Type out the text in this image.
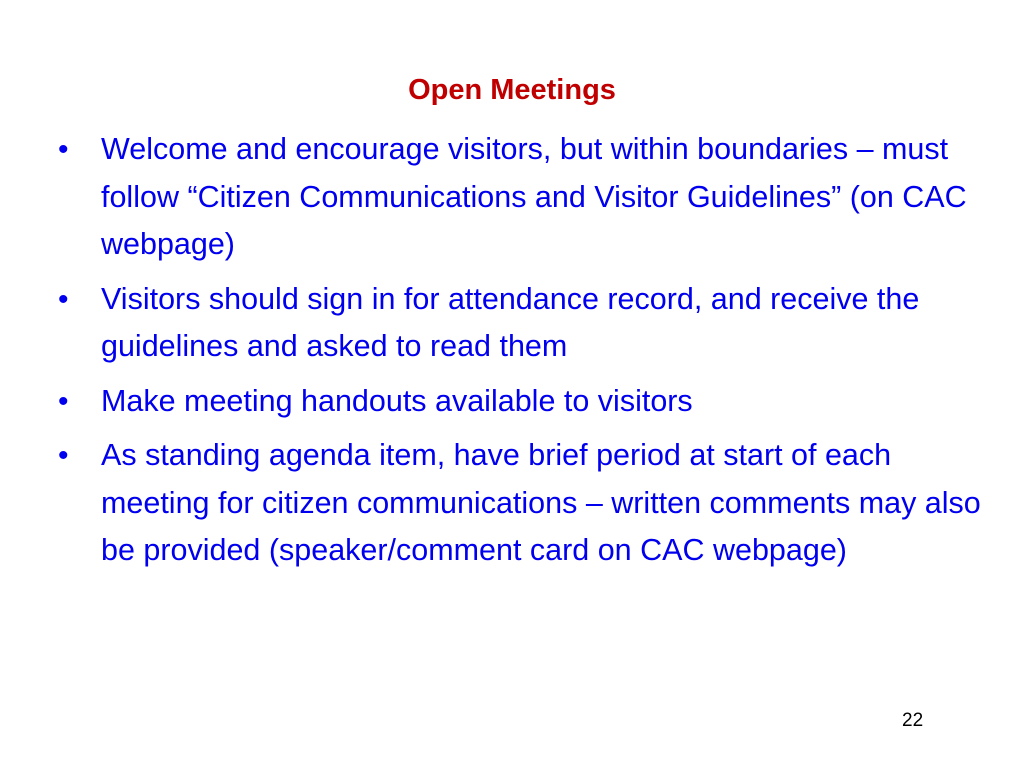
Open Meetings
• Welcome and encourage visitors, but within boundaries – must follow “Citizen Communications and Visitor Guidelines” (on CAC webpage)
• Visitors should sign in for attendance record, and receive the guidelines and asked to read them
• Make meeting handouts available to visitors
• As standing agenda item, have brief period at start of each meeting for citizen communications – written comments may also be provided (speaker/comment card on CAC webpage)
22
